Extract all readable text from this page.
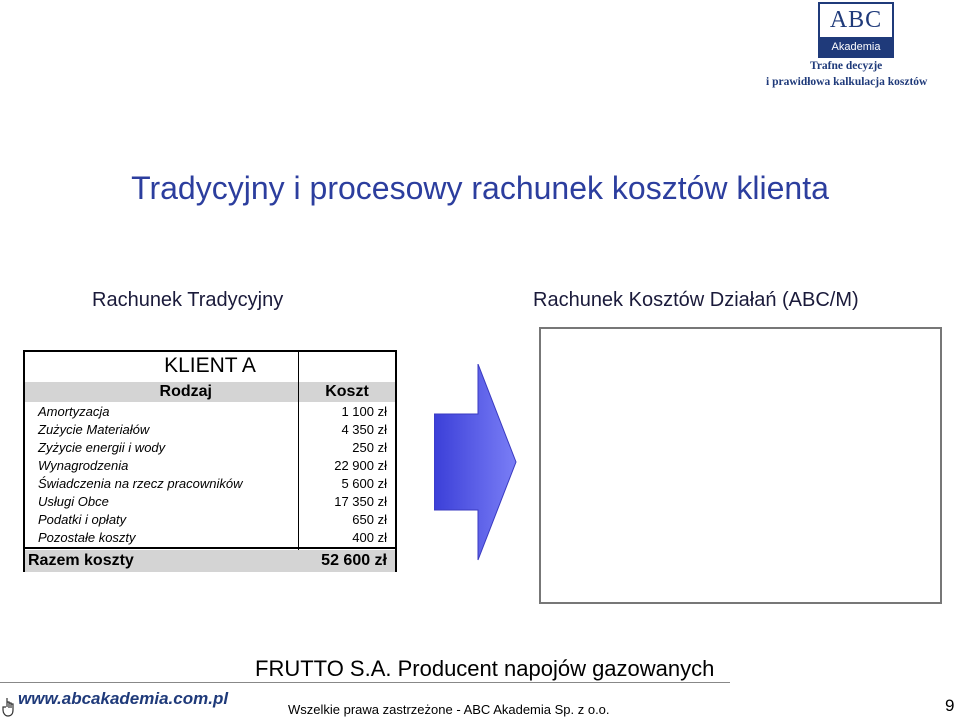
ABC
Akademia
Trafne decyzje
i prawidłowa kalkulacja kosztów
Tradycyjny i procesowy rachunek kosztów klienta
Rachunek Tradycyjny	Rachunek Kosztów Działań (ABC/M)
KLIENT A
Rodzaj	Koszt
Amortyzacja	1 100 zł
Zużycie Materiałów	4 350 zł
Zyżycie energii i wody	250 zł
Wynagrodzenia	22 900 zł
Świadczenia na rzecz pracowników	5 600 zł
Usługi Obce	17 350 zł
Podatki i opłaty	650 zł
Pozostałe koszty	400 zł
Razem koszty	52 600 zł
FRUTTO S.A. Producent napojów gazowanych
www.abcakademia.com.pl
Wszelkie prawa zastrzeżone - ABC Akademia Sp. z o.o.	9
